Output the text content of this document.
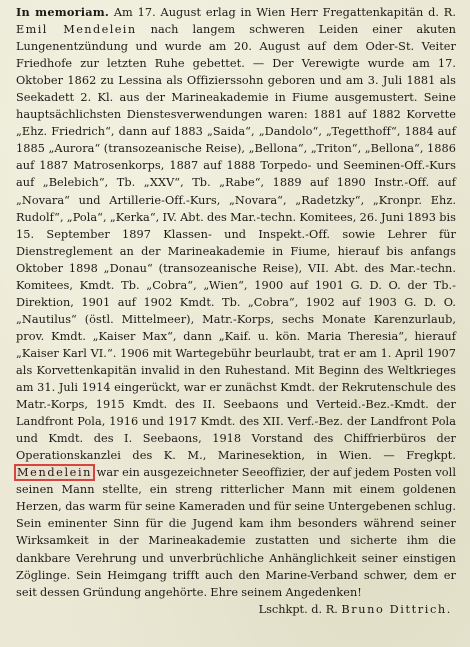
In memoriam. Am 17. August erlag in Wien Herr Fregattenkapitän d. R. Emil Mendelein nach langem schweren Leiden einer akuten Lungenentzündung und wurde am 20. August auf dem Oder-St. Veiter Friedhofe zur letzten Ruhe gebettet. — Der Verewigte wurde am 17. Oktober 1862 zu Lessina als Offizierssohn geboren und am 3. Juli 1881 als Seekadett 2. Kl. aus der Marineakademie in Fiume ausgemustert. Seine hauptsächlichsten Dienstesverwendungen waren: 1881 auf 1882 Korvette „Ehz. Friedrich“, dann auf 1883 „Saida“, „Dandolo“, „Tegetthoff“, 1884 auf 1885 „Aurora“ (transozeanische Reise), „Bellona“, „Triton“, „Bellona“, 1886 auf 1887 Matrosenkorps, 1887 auf 1888 Torpedo- und Seeminen-Off.-Kurs auf „Belebich“, Tb. „XXV“, Tb. „Rabe“, 1889 auf 1890 Instr.-Off. auf „Novara“ und Artillerie-Off.-Kurs, „Novara“, „Radetzky“, „Kronpr. Ehz. Rudolf“, „Pola“, „Kerka“, IV. Abt. des Mar.-techn. Komitees, 26. Juni 1893 bis 15. September 1897 Klassen- und Inspekt.-Off. sowie Lehrer für Dienstreglement an der Marineakademie in Fiume, hierauf bis anfangs Oktober 1898 „Donau“ (transozeanische Reise), VII. Abt. des Mar.-techn. Komitees, Kmdt. Tb. „Cobra“, „Wien“, 1900 auf 1901 G. D. O. der Tb.-Direktion, 1901 auf 1902 Kmdt. Tb. „Cobra“, 1902 auf 1903 G. D. O. „Nautilus“ (östl. Mittelmeer), Matr.-Korps, sechs Monate Karenzurlaub, prov. Kmdt. „Kaiser Max“, dann „Kaif. u. kön. Maria Theresia“, hierauf „Kaiser Karl VI.“. 1906 mit Wartegebühr beurlaubt, trat er am 1. April 1907 als Korvettenkapitän invalid in den Ruhestand. Mit Beginn des Weltkrieges am 31. Juli 1914 eingerückt, war er zunächst Kmdt. der Rekrutenschule des Matr.-Korps, 1915 Kmdt. des II. Seebaons und Verteid.-Bez.-Kmdt. der Landfront Pola, 1916 und 1917 Kmdt. des XII. Verf.-Bez. der Landfront Pola und Kmdt. des I. Seebaons, 1918 Vorstand des Chiffrierbüros der Operationskanzlei des K. M., Marinesektion, in Wien. — Fregkpt. Mendelein war ein ausgezeichneter Seeoffizier, der auf jedem Posten voll seinen Mann stellte, ein streng ritterlicher Mann mit einem goldenen Herzen, das warm für seine Kameraden und für seine Untergebenen schlug. Sein eminenter Sinn für die Jugend kam ihm besonders während seiner Wirksamkeit in der Marineakademie zustatten und sicherte ihm die dankbare Verehrung und unverbrüchliche Anhänglichkeit seiner einstigen Zöglinge. Sein Heimgang trifft auch den Marine-Verband schwer, dem er seit dessen Gründung angehörte. Ehre seinem Angedenken!

Lschkpt. d. R. Bruno Dittrich.
